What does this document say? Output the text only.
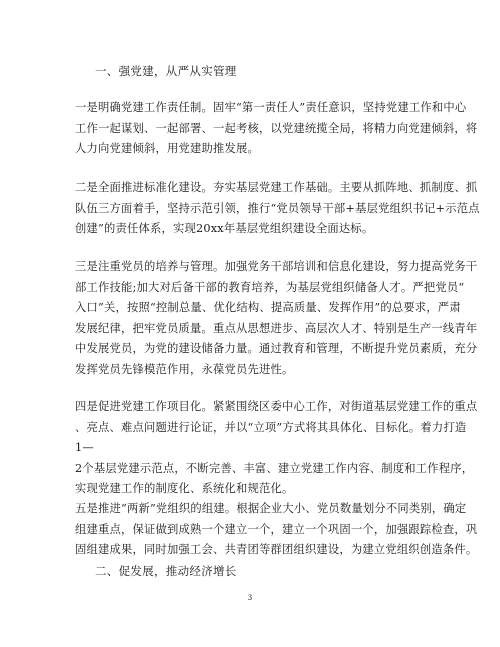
一、强党建，从严从实管理
一是明确党建工作责任制。固牢“第一责任人”责任意识，坚持党建工作和中心
工作一起谋划、一起部署、一起考核，以党建统揽全局，将精力向党建倾斜，将
人力向党建倾斜，用党建助推发展。
二是全面推进标准化建设。夯实基层党建工作基础。主要从抓阵地、抓制度、抓
队伍三方面着手，坚持示范引领，推行“党员领导干部+基层党组织书记+示范点
创建”的责任体系，实现20xx年基层党组织建设全面达标。
三是注重党员的培养与管理。加强党务干部培训和信息化建设，努力提高党务干
部工作技能;加大对后备干部的教育培养，为基层党组织储备人才。严把党员“
入口”关，按照“控制总量、优化结构、提高质量、发挥作用”的总要求，严肃
发展纪律，把牢党员质量。重点从思想进步、高层次人才、特别是生产一线青年
中发展党员，为党的建设储备力量。通过教育和管理，不断提升党员素质，充分
发挥党员先锋模范作用，永葆党员先进性。
四是促进党建工作项目化。紧紧围绕区委中心工作，对街道基层党建工作的重点
、亮点、难点问题进行论证，并以“立项”方式将其具体化、目标化。着力打造
1—
2个基层党建示范点，不断完善、丰富、建立党建工作内容、制度和工作程序，
实现党建工作的制度化、系统化和规范化。
五是推进“两新”党组织的组建。根据企业大小、党员数量划分不同类别，确定
组建重点，保证做到成熟一个建立一个，建立一个巩固一个，加强跟踪检查，巩
固组建成果，同时加强工会、共青团等群团组织建设，为建立党组织创造条件。
二、促发展，推动经济增长
3
